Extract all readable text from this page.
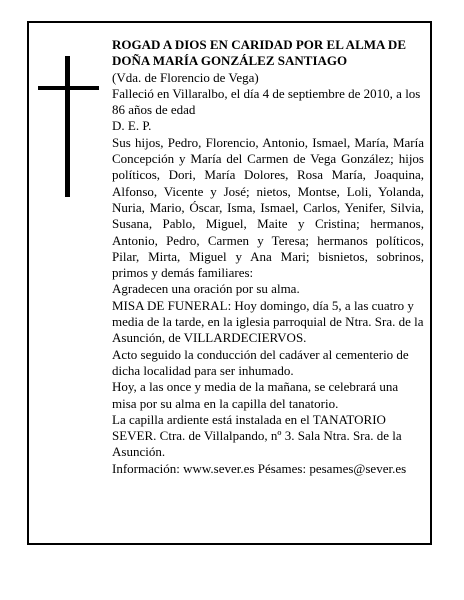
ROGAD A DIOS EN CARIDAD POR EL ALMA DE

DOÑA MARÍA GONZÁLEZ SANTIAGO

(Vda. de Florencio de Vega)

Falleció en Villaralbo, el día 4 de septiembre de 2010, a los 86 años de edad

D. E. P.

Sus hijos, Pedro, Florencio, Antonio, Ismael, María, María Concepción y María del Carmen de Vega González; hijos políticos, Dori, María Dolores, Rosa María, Joaquina, Alfonso, Vicente y José; nietos, Montse, Loli, Yolanda, Nuria, Mario, Óscar, Isma, Ismael, Carlos, Yenifer, Silvia, Susana, Pablo, Miguel, Maite y Cristina; hermanos, Antonio, Pedro, Carmen y Teresa; hermanos políticos, Pilar, Mirta, Miguel y Ana Mari; bisnietos, sobrinos, primos y demás familiares:

Agradecen una oración por su alma.

MISA DE FUNERAL: Hoy domingo, día 5, a las cuatro y media de la tarde, en la iglesia parroquial de Ntra. Sra. de la Asunción, de VILLARDECIERVOS.

Acto seguido la conducción del cadáver al cementerio de dicha localidad para ser inhumado.

Hoy, a las once y media de la mañana, se celebrará una misa por su alma en la capilla del tanatorio.

La capilla ardiente está instalada en el TANATORIO SEVER. Ctra. de Villalpando, nº 3. Sala Ntra. Sra. de la Asunción.

Información: www.sever.es Pésames: pesames@sever.es
